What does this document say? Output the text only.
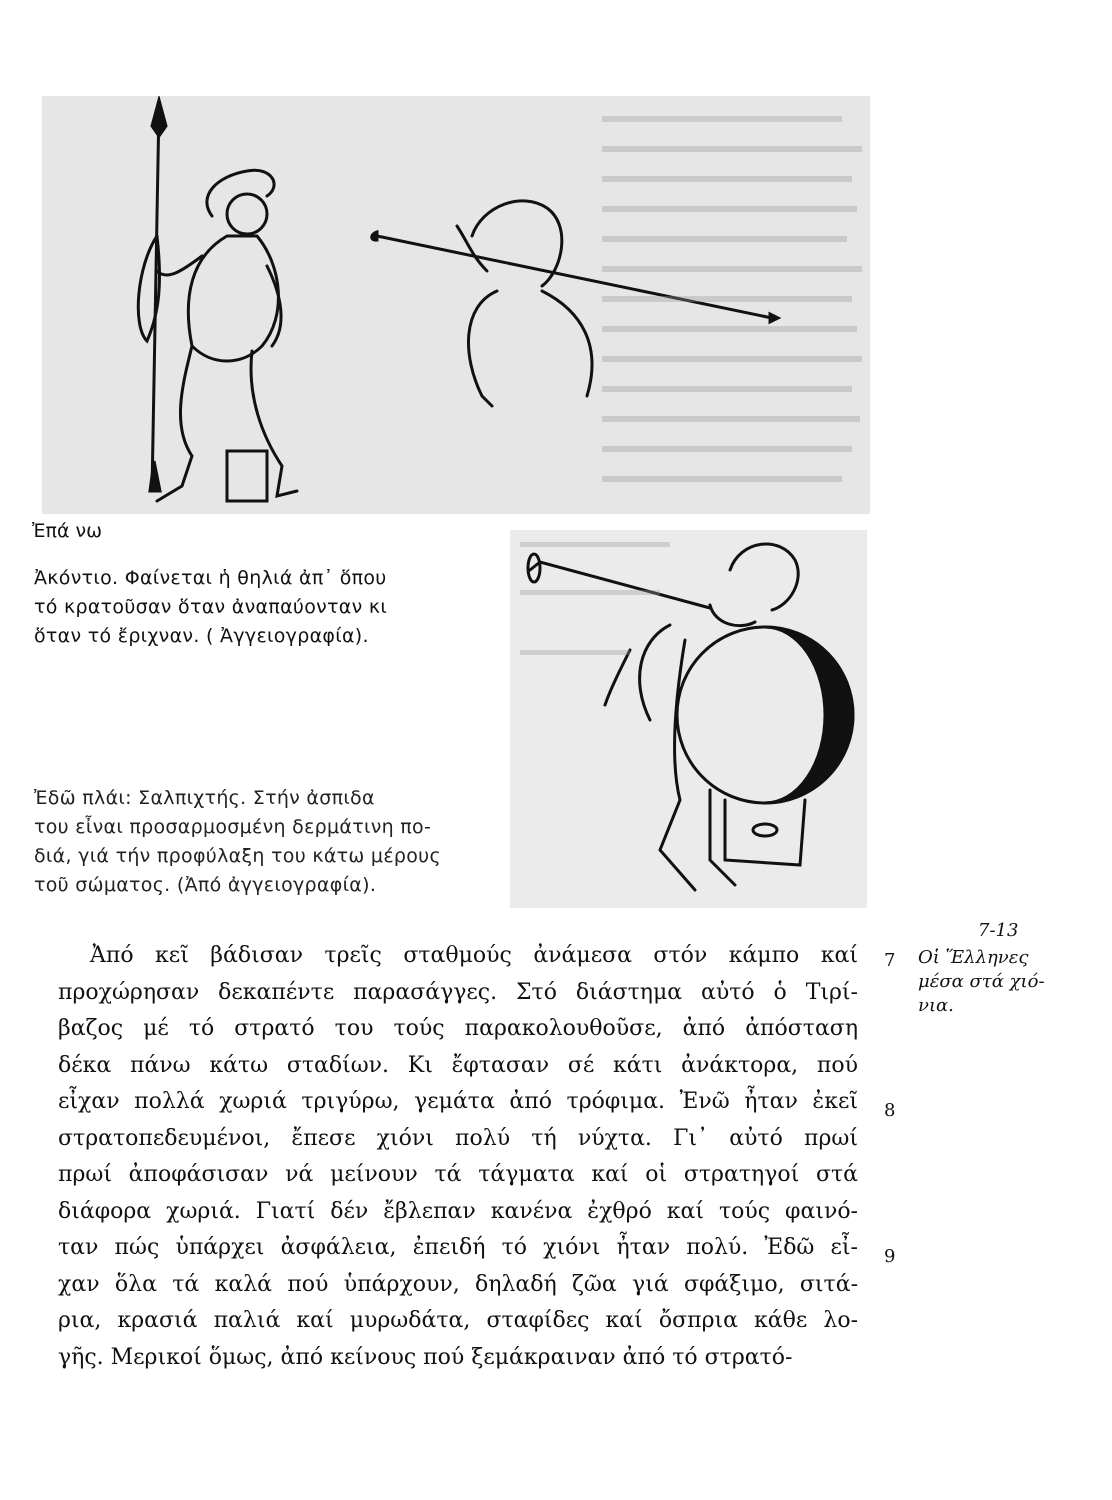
Ἐπά νω
Ἀκόντιο. Φαίνεται ἡ θηλιά ἀπ᾽ ὅπου
τό κρατοῦσαν ὅταν ἀναπαύονταν κι
ὅταν τό ἔριχναν. ( Ἀγγειογραφία).
Ἐδῶ πλάι: Σαλπιχτής. Στήν ἀσπιδα
του εἶναι προσαρμοσμένη δερμάτινη πο-
διά, γιά τήν προφύλαξη του κάτω μέρους
τοῦ σώματος. (Ἀπό ἀγγειογραφία).
Ἀπό κεῖ βάδισαν τρεῖς σταθμούς ἀνάμεσα στόν κάμπο καί
προχώρησαν δεκαπέντε παρασάγγες. Στό διάστημα αὐτό ὁ Τιρί-
βαζος μέ τό στρατό του τούς παρακολουθοῦσε, ἀπό ἀπόσταση
δέκα πάνω κάτω σταδίων. Κι ἔφτασαν σέ κάτι ἀνάκτορα, πού
εἶχαν πολλά χωριά τριγύρω, γεμάτα ἀπό τρόφιμα. Ἐνῶ ἦταν ἐκεῖ
στρατοπεδευμένοι, ἔπεσε χιόνι πολύ τή νύχτα. Γι᾽ αὐτό πρωί
πρωί ἀποφάσισαν νά μείνουν τά τάγματα καί οἱ στρατηγοί στά
διάφορα χωριά. Γιατί δέν ἔβλεπαν κανένα ἐχθρό καί τούς φαινό-
ταν πώς ὑπάρχει ἀσφάλεια, ἐπειδή τό χιόνι ἦταν πολύ. Ἐδῶ εἶ-
χαν ὅλα τά καλά πού ὑπάρχουν, δηλαδή ζῶα γιά σφάξιμο, σιτά-
ρια, κρασιά παλιά καί μυρωδάτα, σταφίδες καί ὄσπρια κάθε λο-
γῆς. Μερικοί ὅμως, ἀπό κείνους πού ξεμάκραιναν ἀπό τό στρατό-
7
8
9
7-13
Οἱ Ἕλληνες
μέσα στά χιό-
νια.
